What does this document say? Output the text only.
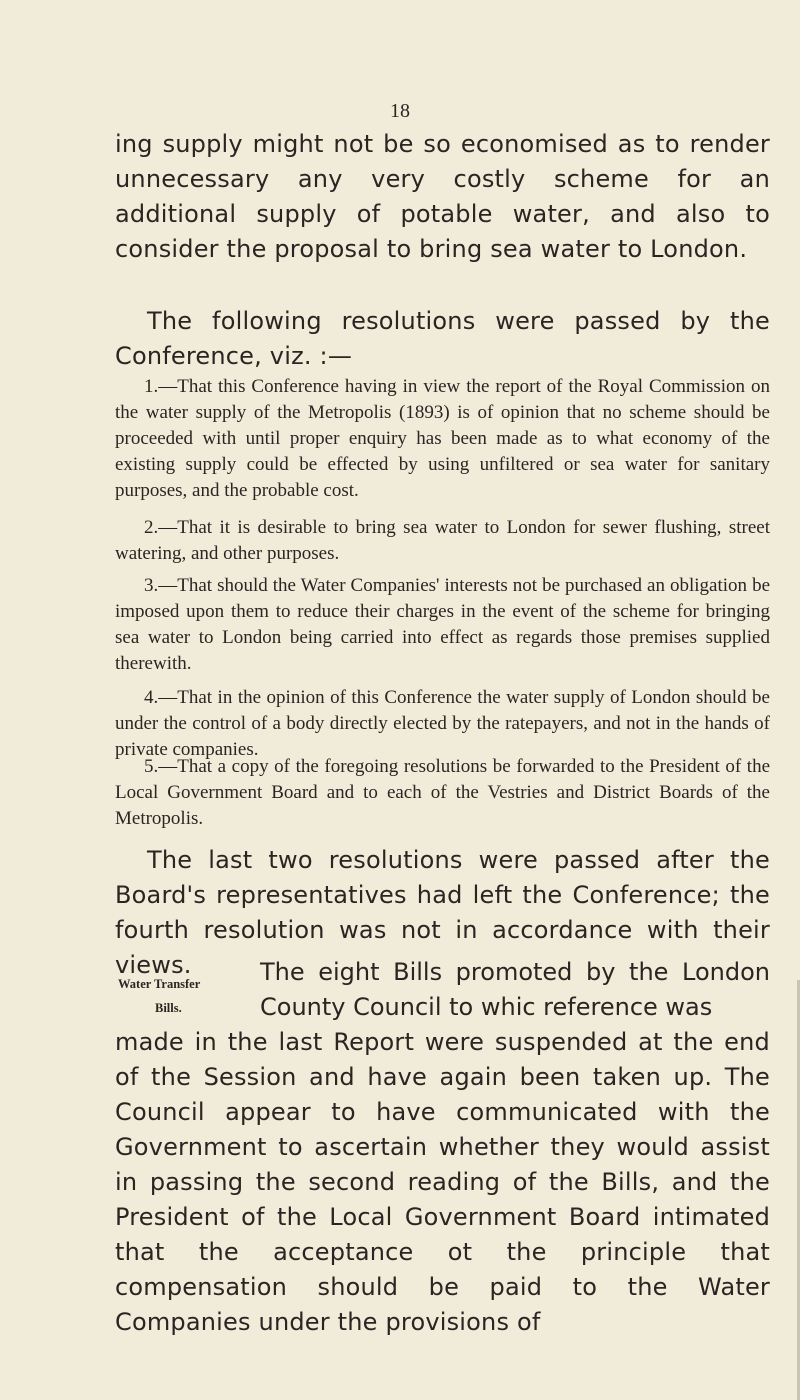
18

ing supply might not be so economised as to render unnecessary any very costly scheme for an additional supply of potable water, and also to consider the proposal to bring sea water to London.

The following resolutions were passed by the Conference, viz. :—

1.—That this Conference having in view the report of the Royal Commission on the water supply of the Metropolis (1893) is of opinion that no scheme should be proceeded with until proper enquiry has been made as to what economy of the existing supply could be effected by using unfiltered or sea water for sanitary purposes, and the probable cost.

2.—That it is desirable to bring sea water to London for sewer flushing, street watering, and other purposes.

3.—That should the Water Companies' interests not be purchased an obligation be imposed upon them to reduce their charges in the event of the scheme for bringing sea water to London being carried into effect as regards those premises supplied therewith.

4.—That in the opinion of this Conference the water supply of London should be under the control of a body directly elected by the ratepayers, and not in the hands of private companies.

5.—That a copy of the foregoing resolutions be forwarded to the President of the Local Government Board and to each of the Vestries and District Boards of the Metropolis.

The last two resolutions were passed after the Board's representatives had left the Conference; the fourth resolution was not in accordance with their views.

Water Transfer
Bills.

The eight Bills promoted by the London County Council to whic reference was

made in the last Report were suspended at the end of the Session and have again been taken up. The Council appear to have communicated with the Government to ascertain whether they would assist in passing the second reading of the Bills, and the President of the Local Government Board intimated that the acceptance ot the principle that compensation should be paid to the Water Companies under the provisions of
